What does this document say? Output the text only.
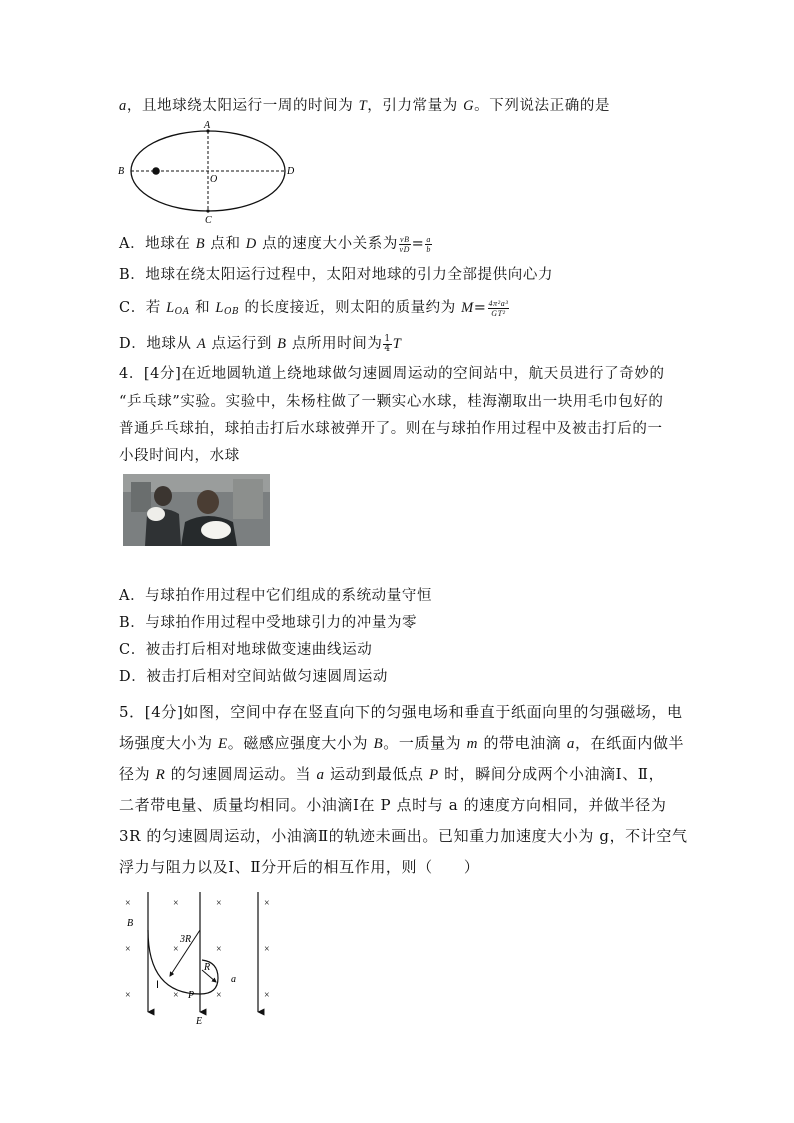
a，且地球绕太阳运行一周的时间为 T，引力常量为 G。下列说法正确的是
A
B
C
D
O
A．地球在 B 点和 D 点的速度大小关系为 $\frac{vB}{vD} = \frac{a}{b}$
B．地球在绕太阳运行过程中，太阳对地球的引力全部提供向心力
C．若 $L_{OA}$ 和 $L_{OB}$ 的长度接近，则太阳的质量约为 $M= \frac{\text{4π²a³}}{\text{GT²}}$
D．地球从 A 点运行到 B 点所用时间为 $\frac{1}{4}$ T
4．[4分]在近地圆轨道上绕地球做匀速圆周运动的空间站中，航天员进行了奇妙的
“乒乓球”实验。实验中，朱杨柱做了一颗实心水球，桂海潮取出一块用毛巾包好的
普通乒乓球拍，球拍击打后水球被弹开了。则在与球拍作用过程中及被击打后的一
小段时间内，水球
A．与球拍作用过程中它们组成的系统动量守恒
B．与球拍作用过程中受地球引力的冲量为零
C．被击打后相对地球做变速曲线运动
D．被击打后相对空间站做匀速圆周运动
5．[4分]如图，空间中存在竖直向下的匀强电场和垂直于纸面向里的匀强磁场，电
场强度大小为 E。磁感应强度大小为 B。一质量为 m 的带电油滴 a，在纸面内做半
径为 R 的匀速圆周运动。当 a 运动到最低点 P 时，瞬间分成两个小油滴Ⅰ、Ⅱ，
二者带电量、质量均相同。小油滴Ⅰ在 P 点时与 a 的速度方向相同，并做半径为
3R 的匀速圆周运动，小油滴Ⅱ的轨迹未画出。已知重力加速度大小为 g，不计空气
浮力与阻力以及Ⅰ、Ⅱ分开后的相互作用，则（　　）
×	×	×	×
×	×	×	×
×	×	×	×
B
3R
R
a
P
Ⅰ
E
